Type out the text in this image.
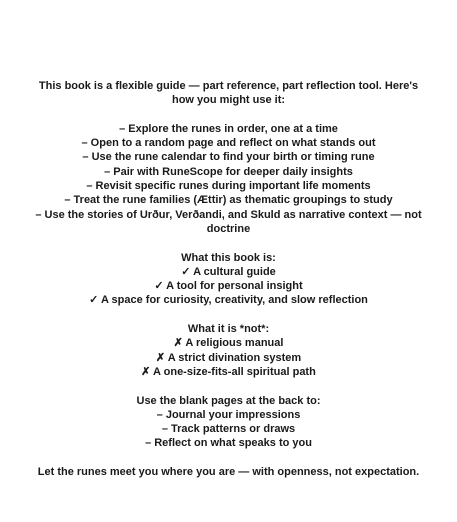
This book is a flexible guide — part reference, part reflection tool. Here's how you might use it:

– Explore the runes in order, one at a time
– Open to a random page and reflect on what stands out
– Use the rune calendar to find your birth or timing rune
– Pair with RuneScope for deeper daily insights
– Revisit specific runes during important life moments
– Treat the rune families (Ættir) as thematic groupings to study
– Use the stories of Urður, Verðandi, and Skuld as narrative context — not doctrine
What this book is:
✓ A cultural guide
✓ A tool for personal insight
✓ A space for curiosity, creativity, and slow reflection
What it is *not*:
✗ A religious manual
✗ A strict divination system
✗ A one-size-fits-all spiritual path
Use the blank pages at the back to:
– Journal your impressions
– Track patterns or draws
– Reflect on what speaks to you

Let the runes meet you where you are — with openness, not expectation.
